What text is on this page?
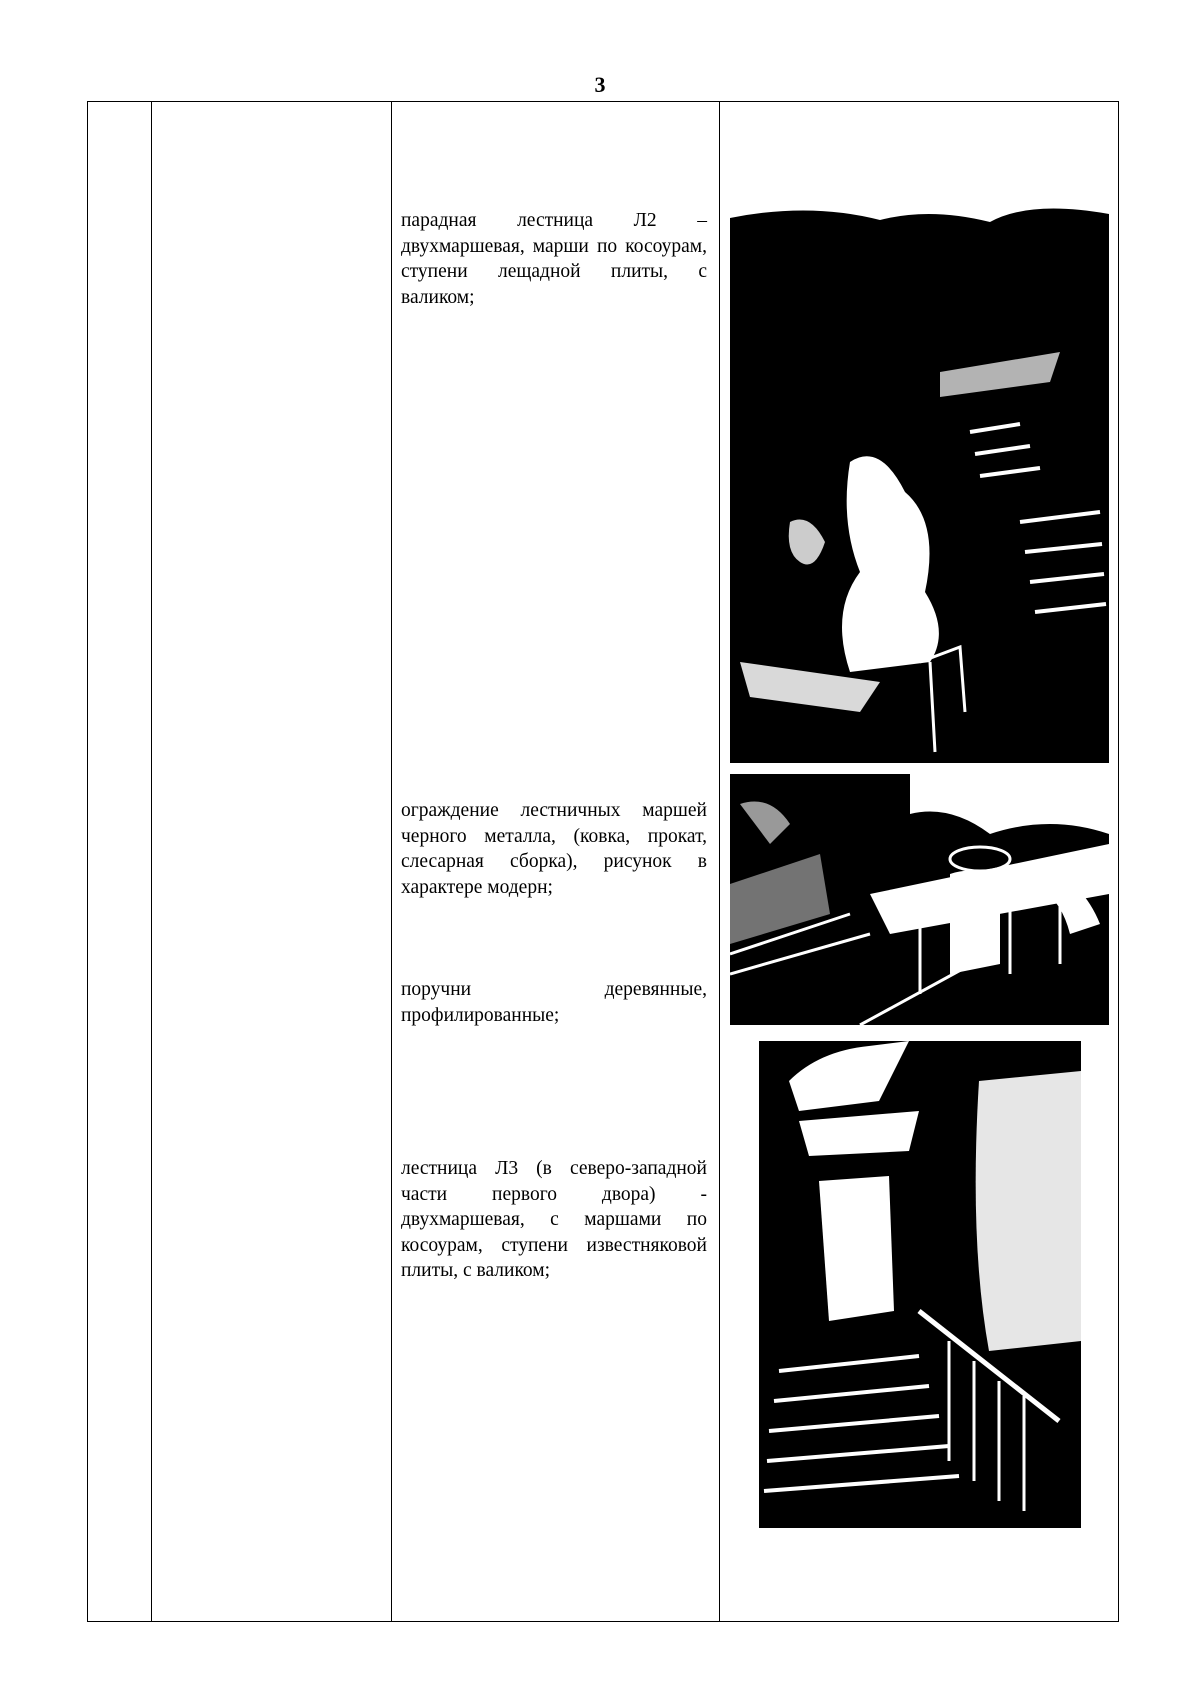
3
парадная лестница Л2 – двухмаршевая, марши по косоурам, ступени лещадной плиты, с валиком;
ограждение лестничных маршей черного металла, (ковка, прокат, слесарная сборка), рисунок в характере модерн;
поручни деревянные, профилированные;
лестница Л3 (в северо-западной части первого двора) - двухмаршевая, с маршами по косоурам, ступени известняковой плиты, с валиком;
